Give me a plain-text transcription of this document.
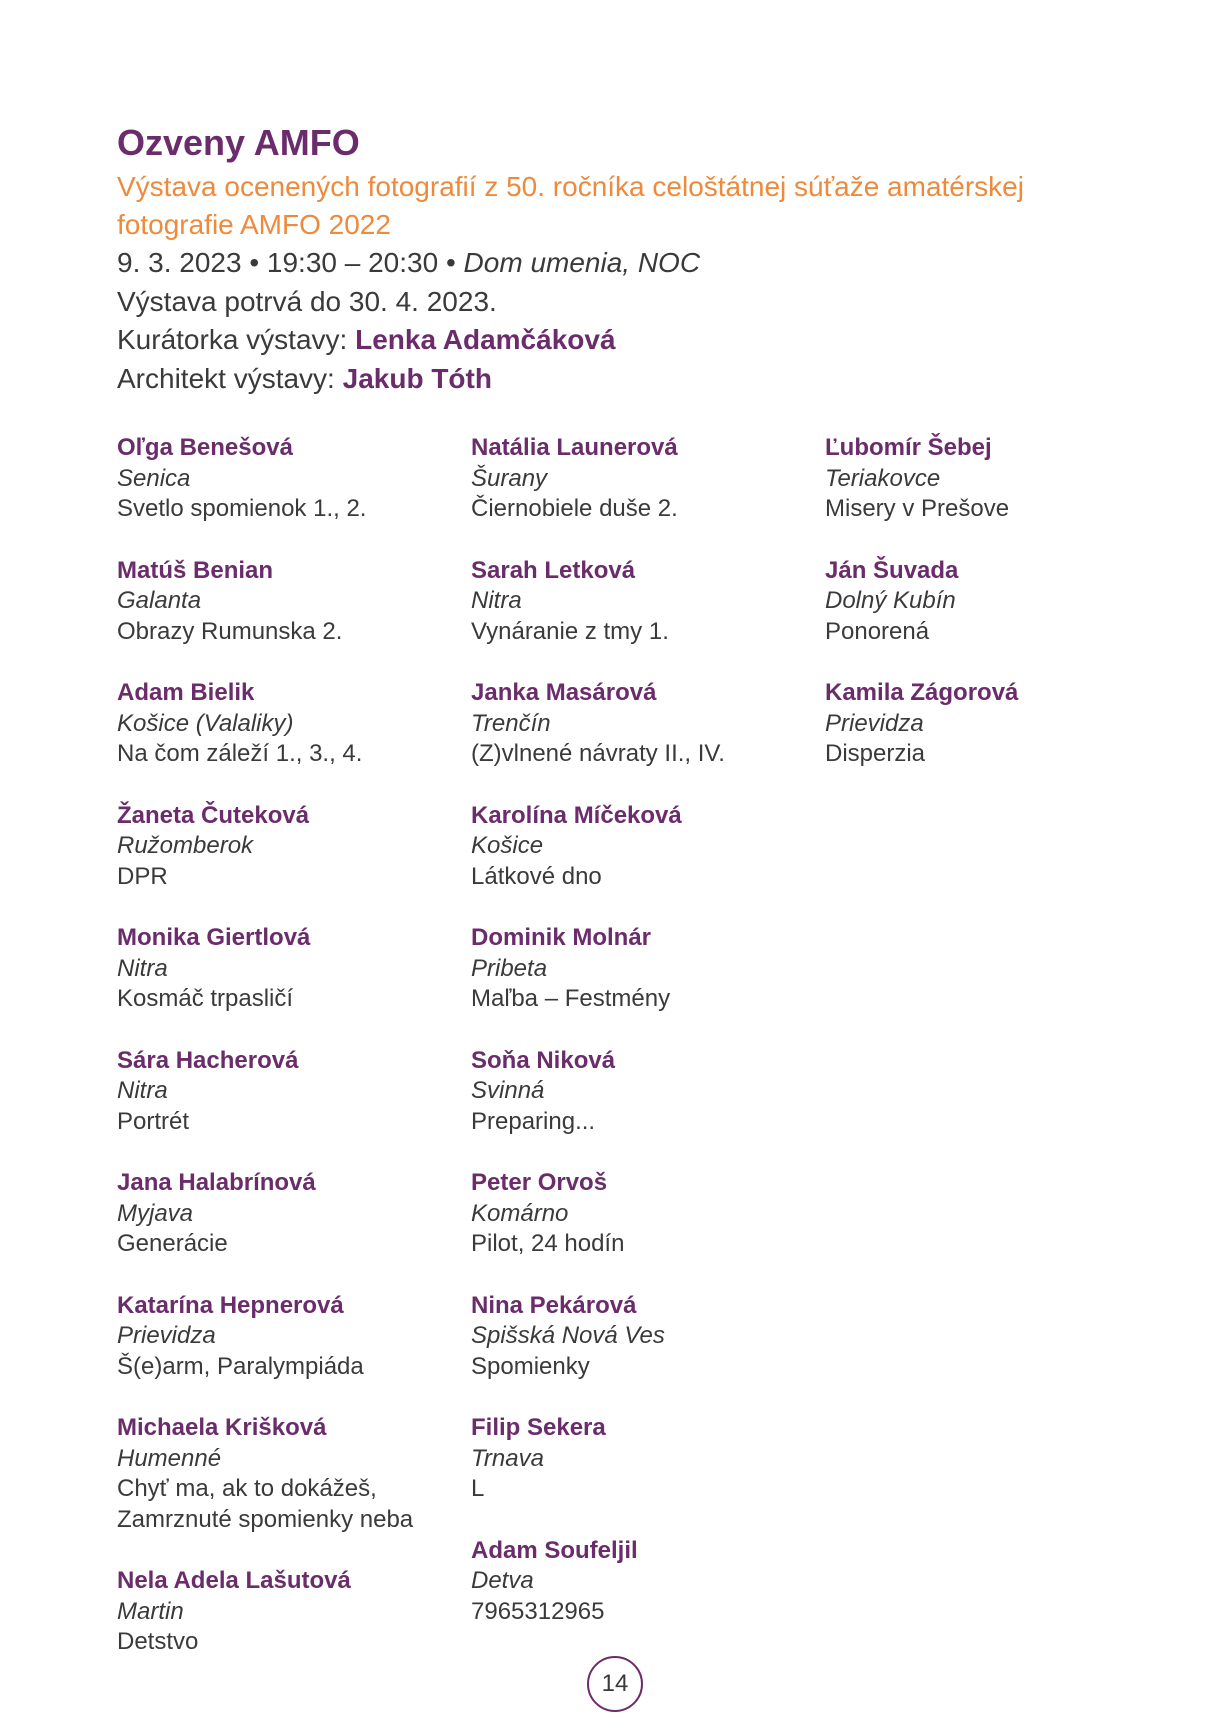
Ozveny AMFO

Výstava ocenených fotografií z 50. ročníka celoštátnej súťaže amatérskej

fotografie AMFO 2022

9. 3. 2023 • 19:30 – 20:30 • Dom umenia, NOC

Výstava potrvá do 30. 4. 2023.

Kurátorka výstavy: Lenka Adamčáková

Architekt výstavy: Jakub Tóth

Oľga Benešová
Senica
Svetlo spomienok 1., 2.
Matúš Benian
Galanta
Obrazy Rumunska 2.
Adam Bielik
Košice (Valaliky)
Na čom záleží 1., 3., 4.
Žaneta Čuteková
Ružomberok
DPR
Monika Giertlová
Nitra
Kosmáč trpasličí
Sára Hacherová
Nitra
Portrét
Jana Halabrínová
Myjava
Generácie
Katarína Hepnerová
Prievidza
Š(e)arm, Paralympiáda
Michaela Krišková
Humenné
Chyť ma, ak to dokážeš, Zamrznuté spomienky neba
Nela Adela Lašutová
Martin
Detstvo
Natália Launerová
Šurany
Čiernobiele duše 2.
Sarah Letková
Nitra
Vynáranie z tmy 1.
Janka Masárová
Trenčín
(Z)vlnené návraty II., IV.
Karolína Míčeková
Košice
Látkové dno
Dominik Molnár
Pribeta
Maľba – Festmény
Soňa Niková
Svinná
Preparing...
Peter Orvoš
Komárno
Pilot, 24 hodín
Nina Pekárová
Spišská Nová Ves
Spomienky
Filip Sekera
Trnava
L
Adam Soufeljil
Detva
7965312965
Ľubomír Šebej
Teriakovce
Misery v Prešove
Ján Šuvada
Dolný Kubín
Ponorená
Kamila Zágorová
Prievidza
Disperzia
14
